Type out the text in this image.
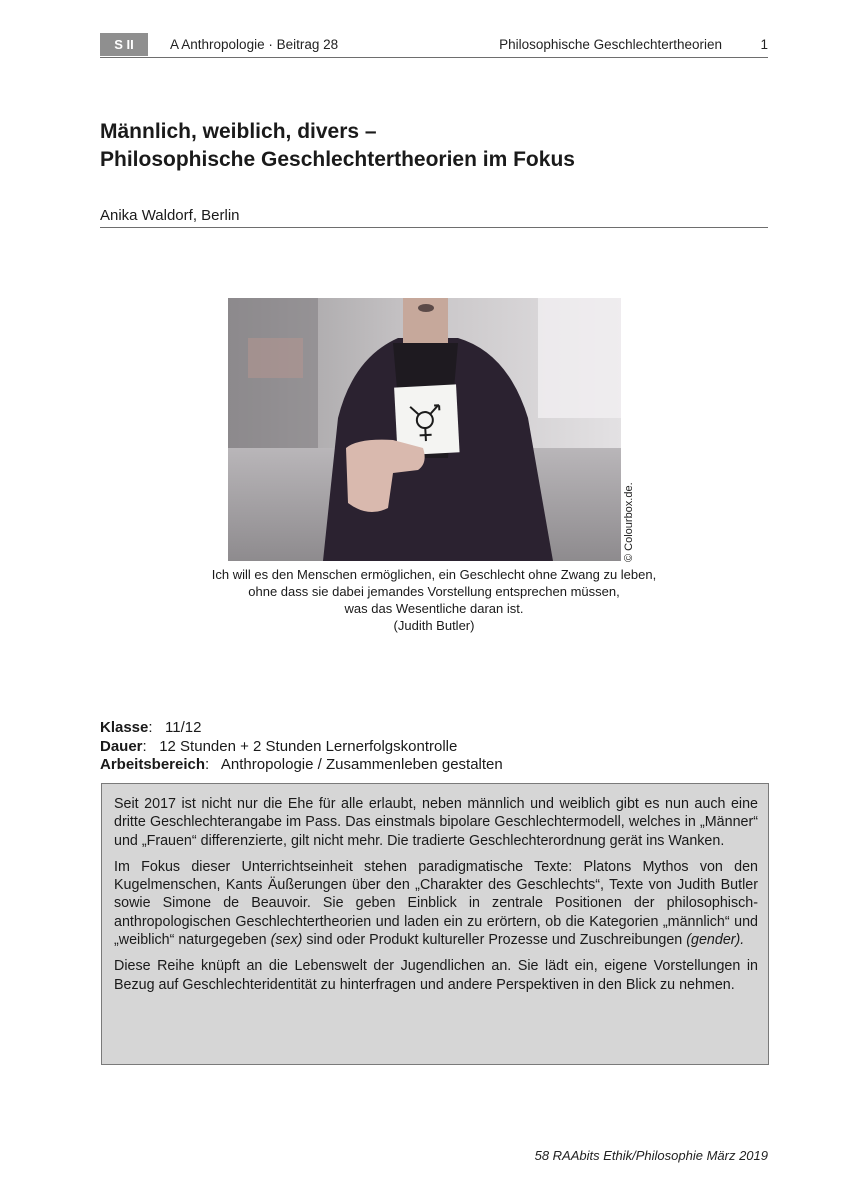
S II	A Anthropologie · Beitrag 28	Philosophische Geschlechtertheorien	1
Männlich, weiblich, divers –
Philosophische Geschlechtertheorien im Fokus
Anika Waldorf, Berlin
© Colourbox.de.
Ich will es den Menschen ermöglichen, ein Geschlecht ohne Zwang zu leben,
ohne dass sie dabei jemandes Vorstellung entsprechen müssen,
was das Wesentliche daran ist.
(Judith Butler)
Klasse:   11/12
Dauer:   12 Stunden + 2 Stunden Lernerfolgskontrolle
Arbeitsbereich:   Anthropologie / Zusammenleben gestalten

Seit 2017 ist nicht nur die Ehe für alle erlaubt, neben männlich und weiblich gibt es nun auch eine dritte Geschlechterangabe im Pass. Das einstmals bipolare Geschlechtermodell, welches in „Männer“ und „Frauen“ differenzierte, gilt nicht mehr. Die tradierte Geschlechterordnung gerät ins Wanken.

Im Fokus dieser Unterrichtseinheit stehen paradigmatische Texte: Platons Mythos von den Kugelmenschen, Kants Äußerungen über den „Charakter des Geschlechts“, Texte von Judith Butler sowie Simone de Beauvoir. Sie geben Einblick in zentrale Positionen der philosophisch-anthropologischen Geschlechtertheorien und laden ein zu erörtern, ob die Kategorien „männlich“ und „weiblich“ naturgegeben (sex) sind oder Produkt kultureller Prozesse und Zuschreibungen (gender).

Diese Reihe knüpft an die Lebenswelt der Jugendlichen an. Sie lädt ein, eigene Vorstellungen in Bezug auf Geschlechteridentität zu hinterfragen und andere Perspektiven in den Blick zu nehmen.

58 RAAbits Ethik/Philosophie März 2019
